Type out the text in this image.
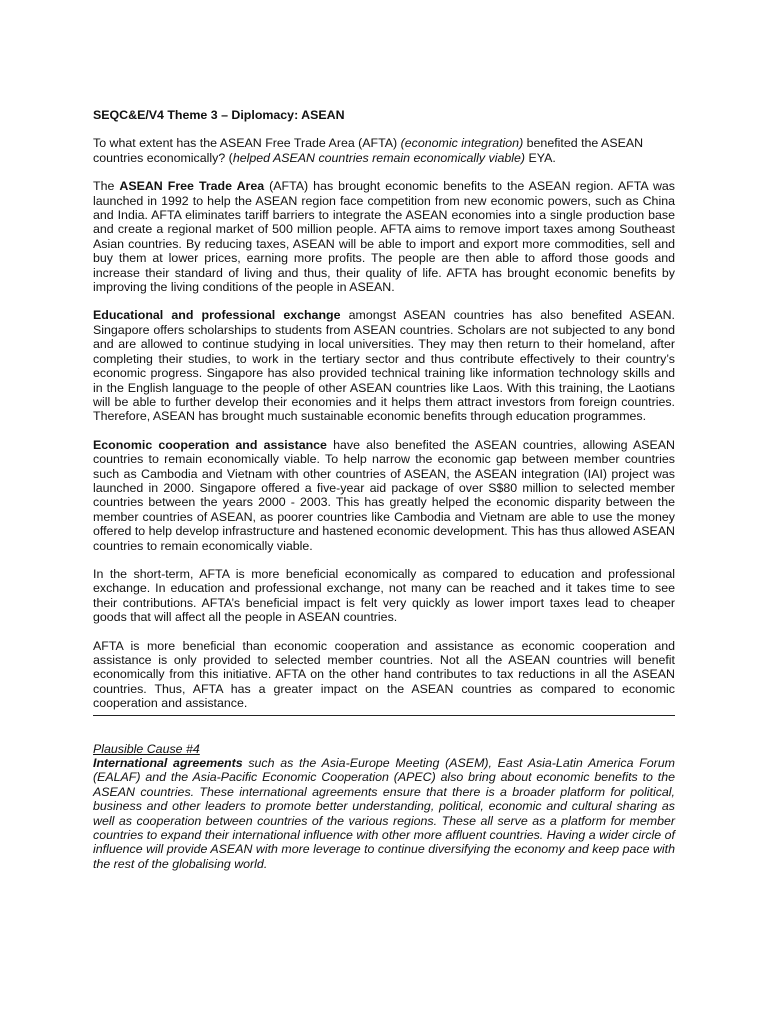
SEQC&E/V4 Theme 3 – Diplomacy: ASEAN

To what extent has the ASEAN Free Trade Area (AFTA) (economic integration) benefited the ASEAN countries economically? (helped ASEAN countries remain economically viable) EYA.

The ASEAN Free Trade Area (AFTA) has brought economic benefits to the ASEAN region. AFTA was launched in 1992 to help the ASEAN region face competition from new economic powers, such as China and India. AFTA eliminates tariff barriers to integrate the ASEAN economies into a single production base and create a regional market of 500 million people. AFTA aims to remove import taxes among Southeast Asian countries. By reducing taxes, ASEAN will be able to import and export more commodities, sell and buy them at lower prices, earning more profits. The people are then able to afford those goods and increase their standard of living and thus, their quality of life. AFTA has brought economic benefits by improving the living conditions of the people in ASEAN.

Educational and professional exchange amongst ASEAN countries has also benefited ASEAN. Singapore offers scholarships to students from ASEAN countries. Scholars are not subjected to any bond and are allowed to continue studying in local universities. They may then return to their homeland, after completing their studies, to work in the tertiary sector and thus contribute effectively to their country’s economic progress. Singapore has also provided technical training like information technology skills and in the English language to the people of other ASEAN countries like Laos. With this training, the Laotians will be able to further develop their economies and it helps them attract investors from foreign countries. Therefore, ASEAN has brought much sustainable economic benefits through education programmes.

Economic cooperation and assistance have also benefited the ASEAN countries, allowing ASEAN countries to remain economically viable. To help narrow the economic gap between member countries such as Cambodia and Vietnam with other countries of ASEAN, the ASEAN integration (IAI) project was launched in 2000. Singapore offered a five-year aid package of over S$80 million to selected member countries between the years 2000 - 2003. This has greatly helped the economic disparity between the member countries of ASEAN, as poorer countries like Cambodia and Vietnam are able to use the money offered to help develop infrastructure and hastened economic development. This has thus allowed ASEAN countries to remain economically viable.

In the short-term, AFTA is more beneficial economically as compared to education and professional exchange. In education and professional exchange, not many can be reached and it takes time to see their contributions. AFTA’s beneficial impact is felt very quickly as lower import taxes lead to cheaper goods that will affect all the people in ASEAN countries.

AFTA is more beneficial than economic cooperation and assistance as economic cooperation and assistance is only provided to selected member countries. Not all the ASEAN countries will benefit economically from this initiative. AFTA on the other hand contributes to tax reductions in all the ASEAN countries. Thus, AFTA has a greater impact on the ASEAN countries as compared to economic cooperation and assistance.

Plausible Cause #4

International agreements such as the Asia-Europe Meeting (ASEM), East Asia-Latin America Forum (EALAF) and the Asia-Pacific Economic Cooperation (APEC) also bring about economic benefits to the ASEAN countries. These international agreements ensure that there is a broader platform for political, business and other leaders to promote better understanding, political, economic and cultural sharing as well as cooperation between countries of the various regions. These all serve as a platform for member countries to expand their international influence with other more affluent countries. Having a wider circle of influence will provide ASEAN with more leverage to continue diversifying the economy and keep pace with the rest of the globalising world.
